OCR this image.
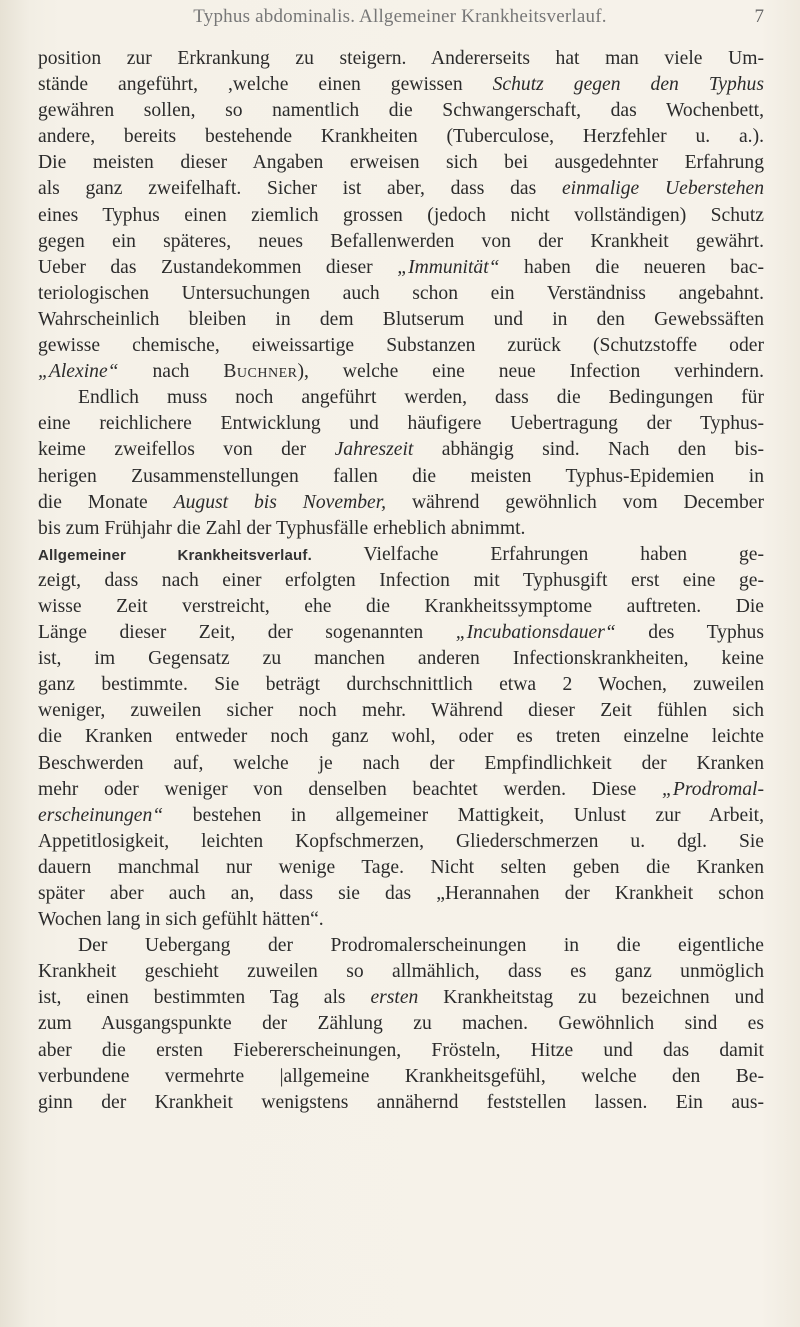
Typhus abdominalis. Allgemeiner Krankheitsverlauf.	7
position zur Erkrankung zu steigern. Andererseits hat man viele Um-
stände angeführt, ,welche einen gewissen Schutz gegen den Typhus
gewähren sollen, so namentlich die Schwangerschaft, das Wochenbett,
andere, bereits bestehende Krankheiten (Tuberculose, Herzfehler u. a.).
Die meisten dieser Angaben erweisen sich bei ausgedehnter Erfahrung
als ganz zweifelhaft. Sicher ist aber, dass das einmalige Ueberstehen
eines Typhus einen ziemlich grossen (jedoch nicht vollständigen) Schutz
gegen ein späteres, neues Befallenwerden von der Krankheit gewährt.
Ueber das Zustandekommen dieser „Immunität“ haben die neueren bac-
teriologischen Untersuchungen auch schon ein Verständniss angebahnt.
Wahrscheinlich bleiben in dem Blutserum und in den Gewebssäften
gewisse chemische, eiweissartige Substanzen zurück (Schutzstoffe oder
„Alexine“ nach Buchner), welche eine neue Infection verhindern.
Endlich muss noch angeführt werden, dass die Bedingungen für
eine reichlichere Entwicklung und häufigere Uebertragung der Typhus-
keime zweifellos von der Jahreszeit abhängig sind. Nach den bis-
herigen Zusammenstellungen fallen die meisten Typhus-Epidemien in
die Monate August bis November, während gewöhnlich vom December
bis zum Frühjahr die Zahl der Typhusfälle erheblich abnimmt.
Allgemeiner Krankheitsverlauf. Vielfache Erfahrungen haben ge-
zeigt, dass nach einer erfolgten Infection mit Typhusgift erst eine ge-
wisse Zeit verstreicht, ehe die Krankheitssymptome auftreten. Die
Länge dieser Zeit, der sogenannten „Incubationsdauer“ des Typhus
ist, im Gegensatz zu manchen anderen Infectionskrankheiten, keine
ganz bestimmte. Sie beträgt durchschnittlich etwa 2 Wochen, zuweilen
weniger, zuweilen sicher noch mehr. Während dieser Zeit fühlen sich
die Kranken entweder noch ganz wohl, oder es treten einzelne leichte
Beschwerden auf, welche je nach der Empfindlichkeit der Kranken
mehr oder weniger von denselben beachtet werden. Diese „Prodromal-
erscheinungen“ bestehen in allgemeiner Mattigkeit, Unlust zur Arbeit,
Appetitlosigkeit, leichten Kopfschmerzen, Gliederschmerzen u. dgl. Sie
dauern manchmal nur wenige Tage. Nicht selten geben die Kranken
später aber auch an, dass sie das „Herannahen der Krankheit schon
Wochen lang in sich gefühlt hätten“.
Der Uebergang der Prodromalerscheinungen in die eigentliche
Krankheit geschieht zuweilen so allmählich, dass es ganz unmöglich
ist, einen bestimmten Tag als ersten Krankheitstag zu bezeichnen und
zum Ausgangspunkte der Zählung zu machen. Gewöhnlich sind es
aber die ersten Fiebererscheinungen, Frösteln, Hitze und das damit
verbundene vermehrte |allgemeine Krankheitsgefühl, welche den Be-
ginn der Krankheit wenigstens annähernd feststellen lassen. Ein aus-
